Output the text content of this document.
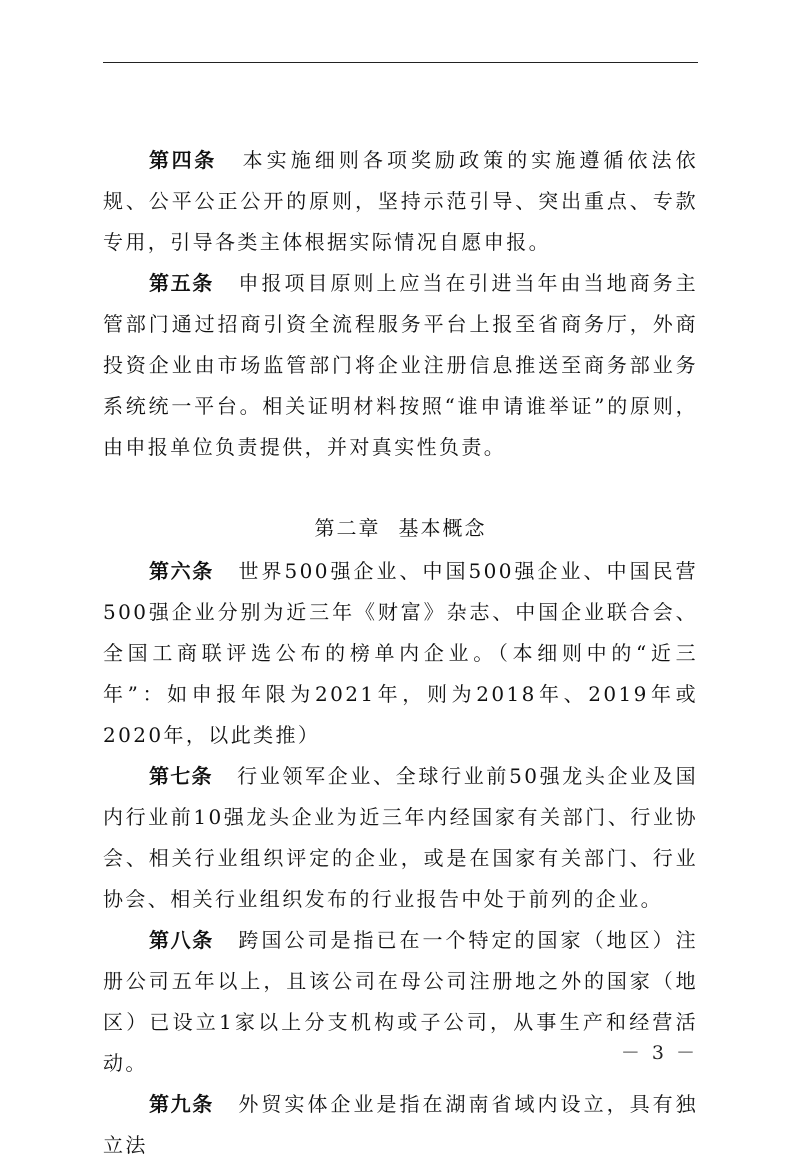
第四条 本实施细则各项奖励政策的实施遵循依法依规、公平公正公开的原则，坚持示范引导、突出重点、专款专用，引导各类主体根据实际情况自愿申报。

第五条 申报项目原则上应当在引进当年由当地商务主管部门通过招商引资全流程服务平台上报至省商务厅，外商投资企业由市场监管部门将企业注册信息推送至商务部业务系统统一平台。相关证明材料按照“谁申请谁举证”的原则，由申报单位负责提供，并对真实性负责。

第二章 基本概念

第六条 世界500强企业、中国500强企业、中国民营500强企业分别为近三年《财富》杂志、中国企业联合会、全国工商联评选公布的榜单内企业。（本细则中的“近三年”：如申报年限为2021年，则为2018年、2019年或2020年，以此类推）

第七条 行业领军企业、全球行业前50强龙头企业及国内行业前10强龙头企业为近三年内经国家有关部门、行业协会、相关行业组织评定的企业，或是在国家有关部门、行业协会、相关行业组织发布的行业报告中处于前列的企业。

第八条 跨国公司是指已在一个特定的国家（地区）注册公司五年以上，且该公司在母公司注册地之外的国家（地区）已设立1家以上分支机构或子公司，从事生产和经营活动。

第九条 外贸实体企业是指在湖南省域内设立，具有独立法

－ 3 －
